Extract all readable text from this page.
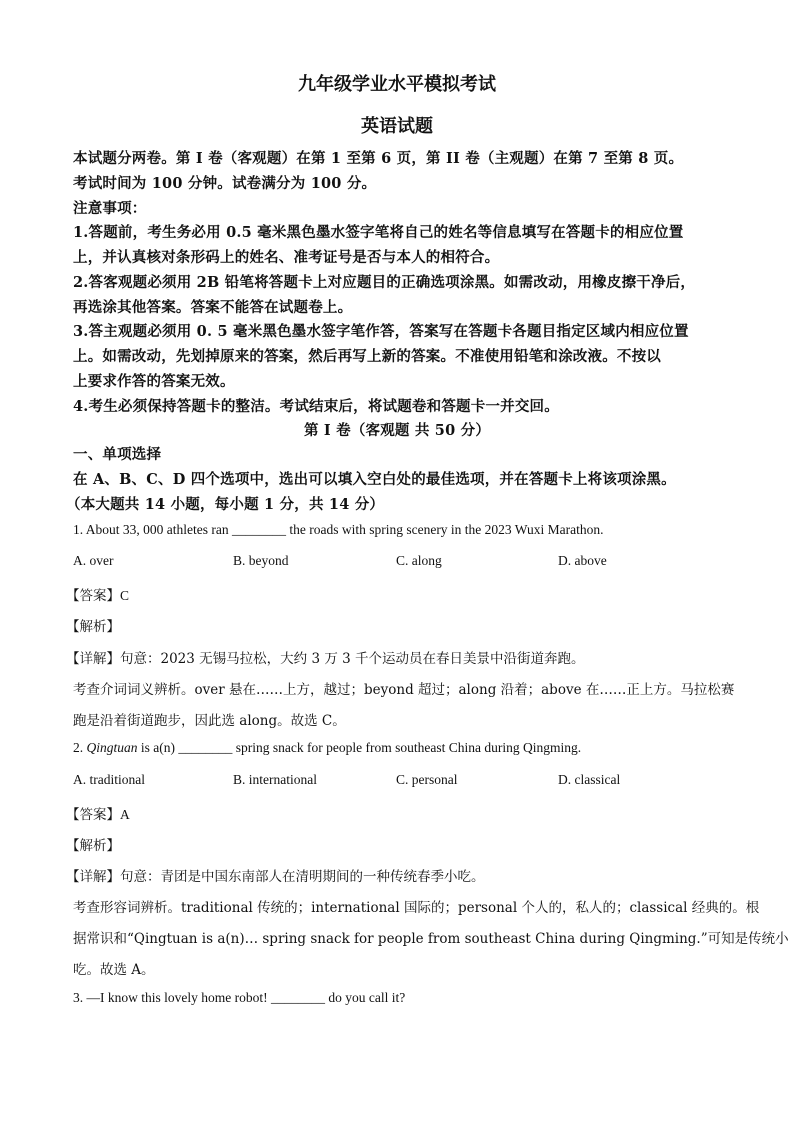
九年级学业水平模拟考试
英语试题
本试题分两卷。第 I 卷（客观题）在第 1 至第 6 页，第 II 卷（主观题）在第 7 至第 8 页。
考试时间为 100 分钟。试卷满分为 100 分。
注意事项：
1.答题前，考生务必用 0.5 毫米黑色墨水签字笔将自己的姓名等信息填写在答题卡的相应位置
上，并认真核对条形码上的姓名、准考证号是否与本人的相符合。
2.答客观题必须用 2B 铅笔将答题卡上对应题目的正确选项涂黑。如需改动，用橡皮擦干净后，
再选涂其他答案。答案不能答在试题卷上。
3.答主观题必须用 0. 5 毫米黑色墨水签字笔作答，答案写在答题卡各题目指定区域内相应位置
上。如需改动，先划掉原来的答案，然后再写上新的答案。不准使用铅笔和涂改液。不按以
上要求作答的答案无效。
4.考生必须保持答题卡的整洁。考试结束后，将试题卷和答题卡一并交回。
第 I 卷（客观题 共 50 分）
一、单项选择
在 A、B、C、D 四个选项中，选出可以填入空白处的最佳选项，并在答题卡上将该项涂黑。
（本大题共 14 小题，每小题 1 分，共 14 分）
1. About 33, 000 athletes ran ________ the roads with spring scenery in the 2023 Wuxi Marathon.
A. over	B. beyond	C. along	D. above
【答案】C
【解析】
【详解】句意：2023 无锡马拉松，大约 3 万 3 千个运动员在春日美景中沿街道奔跑。
考查介词词义辨析。over 悬在……上方，越过；beyond 超过；along 沿着；above 在……正上方。马拉松赛
跑是沿着街道跑步，因此选 along。故选 C。
2. Qingtuan is a(n) ________ spring snack for people from southeast China during Qingming.
A. traditional	B. international	C. personal	D. classical
【答案】A
【解析】
【详解】句意：青团是中国东南部人在清明期间的一种传统春季小吃。
考查形容词辨析。traditional 传统的；international 国际的；personal 个人的，私人的；classical 经典的。根
据常识和“Qingtuan is a(n)… spring snack for people from southeast China during Qingming.”可知是传统小
吃。故选 A。
3. —I know this lovely home robot! ________ do you call it?
